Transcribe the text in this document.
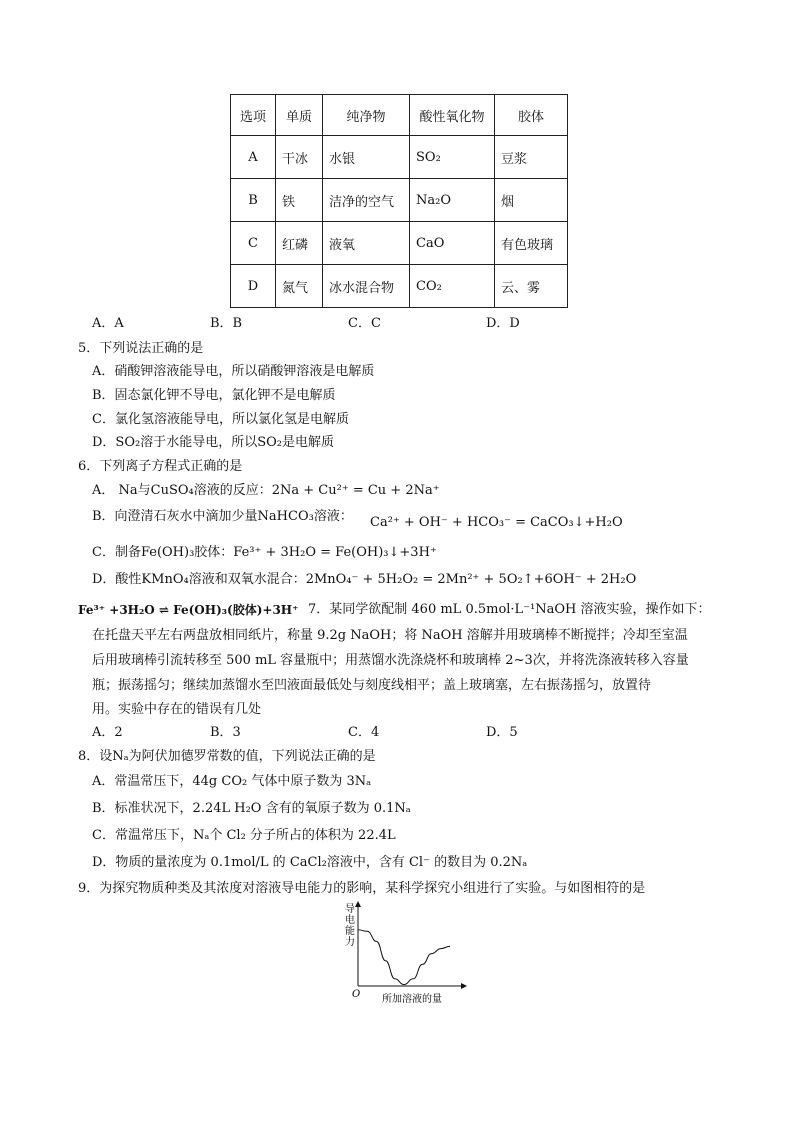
选项	单质	纯净物	酸性氧化物	胶体
A	干冰	水银	SO₂	豆浆
B	铁	洁净的空气	Na₂O	烟
C	红磷	液氧	CaO	有色玻璃
D	氮气	冰水混合物	CO₂	云、雾
A．A	B．B	C．C	D．D
5．下列说法正确的是
A．硝酸钾溶液能导电，所以硝酸钾溶液是电解质
B．固态氯化钾不导电，氯化钾不是电解质
C．氯化氢溶液能导电，所以氯化氢是电解质
D．SO₂溶于水能导电，所以SO₂是电解质
6．下列离子方程式正确的是
A． Na与CuSO₄溶液的反应：2Na + Cu²⁺ = Cu + 2Na⁺
B．向澄清石灰水中滴加少量NaHCO₃溶液： Ca²⁺ + OH⁻ + HCO₃⁻ = CaCO₃↓+H₂O
C．制备Fe(OH)₃胶体：Fe³⁺ + 3H₂O = Fe(OH)₃↓+3H⁺
D．酸性KMnO₄溶液和双氧水混合：2MnO₄⁻ + 5H₂O₂ = 2Mn²⁺ + 5O₂↑+6OH⁻ + 2H₂O
Fe³⁺ +3H₂O ⇌ Fe(OH)₃(胶体)+3H⁺ 7．某同学欲配制 460 mL 0.5mol·L⁻¹NaOH 溶液实验，操作如下：
在托盘天平左右两盘放相同纸片，称量 9.2g NaOH；将 NaOH 溶解并用玻璃棒不断搅拌；冷却至室温
后用玻璃棒引流转移至 500 mL 容量瓶中；用蒸馏水洗涤烧杯和玻璃棒 2~3次，并将洗涤液转移入容量
瓶；振荡摇匀；继续加蒸馏水至凹液面最低处与刻度线相平；盖上玻璃塞，左右振荡摇匀，放置待
用。实验中存在的错误有几处
A．2	B．3	C．4	D．5
8．设Nₐ为阿伏加德罗常数的值，下列说法正确的是
A．常温常压下，44g CO₂ 气体中原子数为 3Nₐ
B．标准状况下，2.24L H₂O 含有的氧原子数为 0.1Nₐ
C．常温常压下，Nₐ个 Cl₂ 分子所占的体积为 22.4L
D．物质的量浓度为 0.1mol/L 的 CaCl₂溶液中，含有 Cl⁻ 的数目为 0.2Nₐ
9．为探究物质种类及其浓度对溶液导电能力的影响，某科学探究小组进行了实验。与如图相符的是
导电能力
O 所加溶液的量
